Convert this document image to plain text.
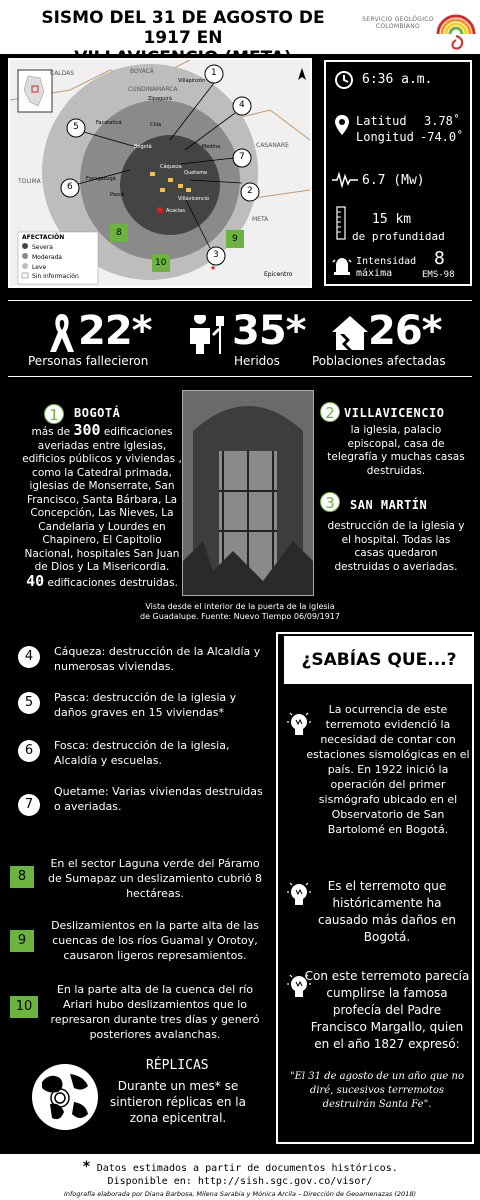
SISMO DEL 31 DE AGOSTO DE 1917 EN
SERVICIO GEOLÓGICO COLOMBIANO
★
CALDAS	BOYACÁ
CUNDINAMARCA
Villapinzón
Zipaquirá
Facatativá
Bogotá
Chía
Medina
Fusagasugá
Cáqueza
Acacías
CASANARE
META
TOLIMA
Pasca
Quetame
Villavicencio
AFECTACIÓN
Severa
Moderada
Leve
Sin información	Epicentro
1
2
3
4
5
6
7
8
9
10
6:36 a.m.
Latitud 3.78˚
Longitud -74.0˚
6.7 (Mw)
15 km
de profundidad
Intensidad
máxima
8
EMS-98
22*
Personas fallecieron
35*
Heridos
26*
Poblaciones afectadas
1	BOGOTÁ
más de 300 edificaciones averiadas entre iglesias, edificios públicos y viviendas , como la Catedral primada, iglesias de Monserrate, San Francisco, Santa Bárbara, La Concepción, Las Nieves, La Candelaria y Lourdes en Chapinero, El Capitolio Nacional, hospitales San Juan de Dios y La Misericordia.
40 edificaciones destruidas.
Vista desde el interior de la puerta de la iglesia de Guadalupe. Fuente: Nuevo Tiempo 06/09/1917
2 VILLAVICENCIO
la iglesia, palacio episcopal, casa de telegrafía y muchas casas destruidas.
3	SAN MARTÍN
destrucción de la iglesia y el hospital. Todas las casas quedaron destruidas o averiadas.
4	Cáqueza: destrucción de la Alcaldía y numerosas viviendas.
5	Pasca: destrucción de la iglesia y daños graves en 15 viviendas*
6	Fosca: destrucción de la iglesia, Alcaldía y escuelas.
7
Quetame: Varias viviendas destruidas o averiadas.
8
En el sector Laguna verde del Páramo de Sumapaz un deslizamiento cubrió 8 hectáreas.
9
Deslizamientos en la parte alta de las cuencas de los ríos Guamal y Orotoy, causaron ligeros represamientos.
10
En la parte alta de la cuenca del río Ariari hubo deslizamientos que lo represaron durante tres días y generó posteriores avalanchas.
RÉPLICAS
Durante un mes* se sintieron réplicas en la zona epicentral.
¿SABÍAS QUE...?
La ocurrencia de este terremoto evidenció la necesidad de contar con estaciones sismológicas en el país. En 1922 inició la operación del primer sismógrafo ubicado en el Observatorio de San Bartolomé en Bogotá.
Es el terremoto que históricamente ha causado más daños en Bogotá.
Con este terremoto parecía cumplirse la famosa profecía del Padre Francisco Margallo, quien en el año 1827 expresó:
"El 31 de agosto de un año que no diré, sucesivos terremotos destruirán Santa Fe".
* Datos estimados a partir de documentos históricos.
Disponible en: http://sish.sgc.gov.co/visor/
Infografía elaborada por Diana Barbosa, Milena Sarabia y Mónica Arcila – Dirección de Geoamenazas (2018)
